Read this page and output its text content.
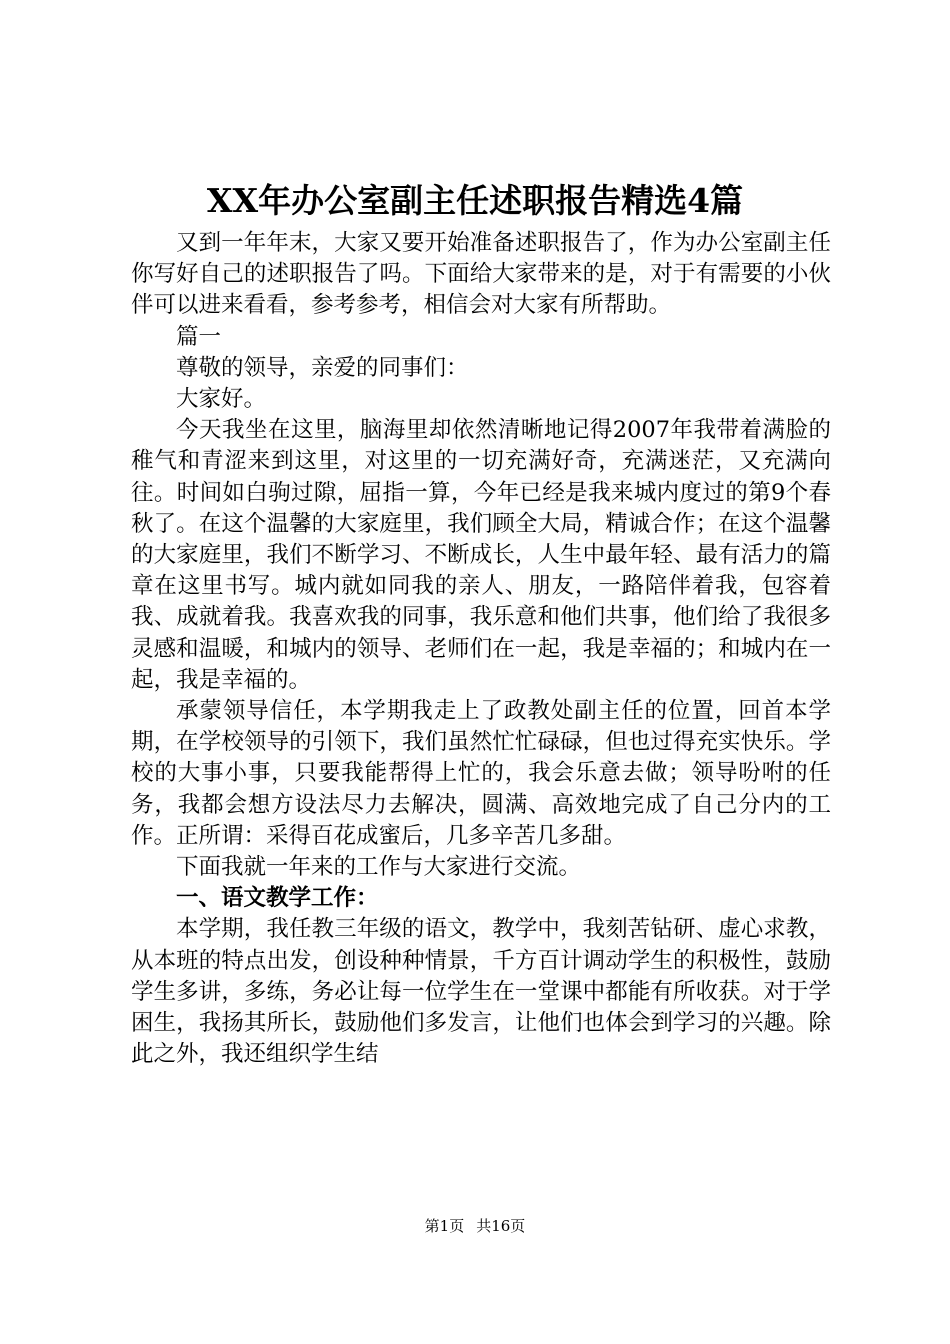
XX年办公室副主任述职报告精选4篇

又到一年年末，大家又要开始准备述职报告了，作为办公室副主任你写好自己的述职报告了吗。下面给大家带来的是，对于有需要的小伙伴可以进来看看，参考参考，相信会对大家有所帮助。

篇一

尊敬的领导，亲爱的同事们：

大家好。

今天我坐在这里，脑海里却依然清晰地记得2007年我带着满脸的稚气和青涩来到这里，对这里的一切充满好奇，充满迷茫，又充满向往。时间如白驹过隙，屈指一算，今年已经是我来城内度过的第9个春秋了。在这个温馨的大家庭里，我们顾全大局，精诚合作；在这个温馨的大家庭里，我们不断学习、不断成长，人生中最年轻、最有活力的篇章在这里书写。城内就如同我的亲人、朋友，一路陪伴着我，包容着我、成就着我。我喜欢我的同事，我乐意和他们共事，他们给了我很多灵感和温暖，和城内的领导、老师们在一起，我是幸福的；和城内在一起，我是幸福的。

承蒙领导信任，本学期我走上了政教处副主任的位置，回首本学期，在学校领导的引领下，我们虽然忙忙碌碌，但也过得充实快乐。学校的大事小事，只要我能帮得上忙的，我会乐意去做；领导吩咐的任务，我都会想方设法尽力去解决，圆满、高效地完成了自己分内的工作。正所谓：采得百花成蜜后，几多辛苦几多甜。

下面我就一年来的工作与大家进行交流。

一、语文教学工作：

本学期，我任教三年级的语文，教学中，我刻苦钻研、虚心求教，从本班的特点出发，创设种种情景，千方百计调动学生的积极性，鼓励学生多讲，多练，务必让每一位学生在一堂课中都能有所收获。对于学困生，我扬其所长，鼓励他们多发言，让他们也体会到学习的兴趣。除此之外，我还组织学生结

第1页 共16页
